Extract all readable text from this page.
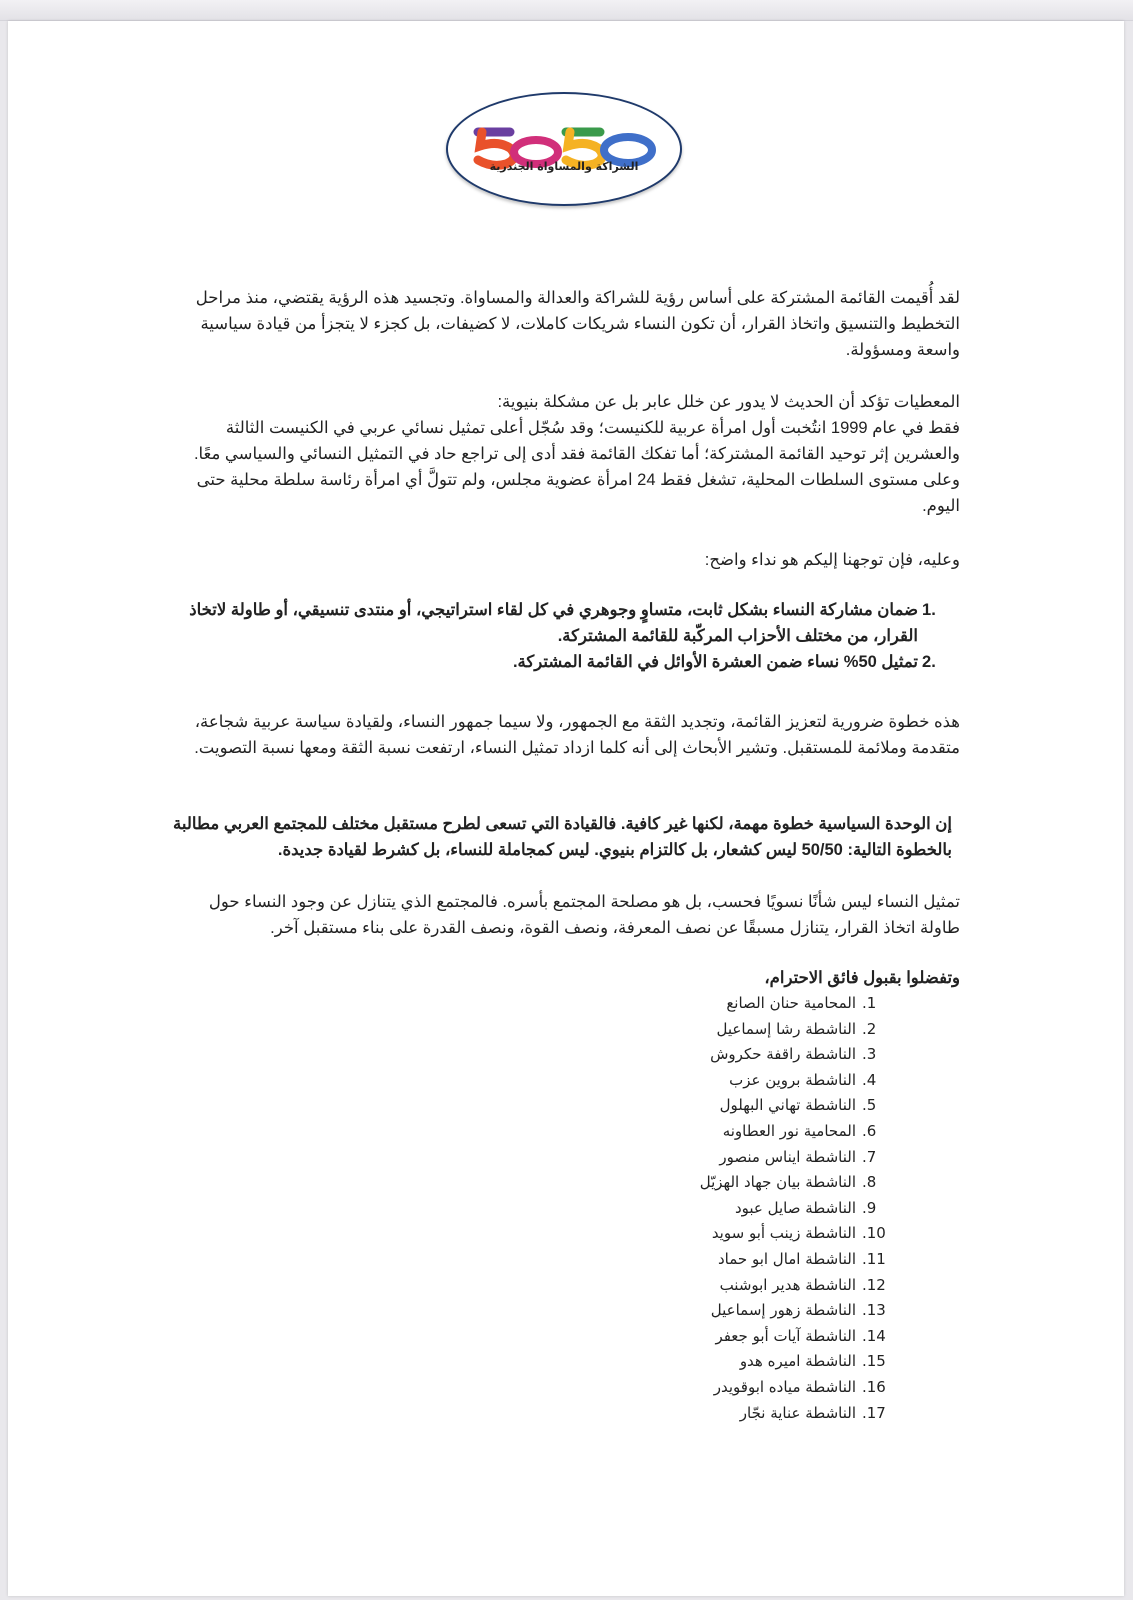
الشراكة والمساواة الجندرية
لقد أُقيمت القائمة المشتركة على أساس رؤية للشراكة والعدالة والمساواة. وتجسيد هذه الرؤية يقتضي، منذ مراحل التخطيط والتنسيق واتخاذ القرار، أن تكون النساء شريكات كاملات، لا كضيفات، بل كجزء لا يتجزأ من قيادة سياسية واسعة ومسؤولة.
المعطيات تؤكد أن الحديث لا يدور عن خلل عابر بل عن مشكلة بنيوية:
فقط في عام 1999 انتُخبت أول امرأة عربية للكنيست؛ وقد سُجّل أعلى تمثيل نسائي عربي في الكنيست الثالثة والعشرين إثر توحيد القائمة المشتركة؛ أما تفكك القائمة فقد أدى إلى تراجع حاد في التمثيل النسائي والسياسي معًا. وعلى مستوى السلطات المحلية، تشغل فقط 24 امرأة عضوية مجلس، ولم تتولَّ أي امرأة رئاسة سلطة محلية حتى اليوم.
وعليه، فإن توجهنا إليكم هو نداء واضح:
.1
ضمان مشاركة النساء بشكل ثابت، متساوٍ وجوهري في كل لقاء استراتيجي، أو منتدى تنسيقي، أو طاولة لاتخاذ القرار، من مختلف الأحزاب المركّبة للقائمة المشتركة.
.2
تمثيل 50% نساء ضمن العشرة الأوائل في القائمة المشتركة.
هذه خطوة ضرورية لتعزيز القائمة، وتجديد الثقة مع الجمهور، ولا سيما جمهور النساء، ولقيادة سياسة عربية شجاعة، متقدمة وملائمة للمستقبل. وتشير الأبحاث إلى أنه كلما ازداد تمثيل النساء، ارتفعت نسبة الثقة ومعها نسبة التصويت.
إن الوحدة السياسية خطوة مهمة، لكنها غير كافية. فالقيادة التي تسعى لطرح مستقبل مختلف للمجتمع العربي مطالبة بالخطوة التالية: 50/50 ليس كشعار، بل كالتزام بنيوي. ليس كمجاملة للنساء، بل كشرط لقيادة جديدة.
تمثيل النساء ليس شأنًا نسويًا فحسب، بل هو مصلحة المجتمع بأسره. فالمجتمع الذي يتنازل عن وجود النساء حول طاولة اتخاذ القرار، يتنازل مسبقًا عن نصف المعرفة، ونصف القوة، ونصف القدرة على بناء مستقبل آخر.
وتفضلوا بقبول فائق الاحترام،
.1
المحامية حنان الصانع
.2
الناشطة رشا إسماعيل
.3
الناشطة راقفة حكروش
.4
الناشطة بروين عزب
.5
الناشطة تهاني البهلول
.6
المحامية نور العطاونه
.7
الناشطة ايناس منصور
.8
الناشطة بيان جهاد الهزيّل
.9
الناشطة صايل عبود
.10
الناشطة زينب أبو سويد
.11
الناشطة امال ابو حماد
.12
الناشطة هدير ابوشنب
.13
الناشطة زهور إسماعيل
.14
الناشطة آيات أبو جعفر
.15
الناشطة اميره هدو
.16
الناشطة مياده ابوقويدر
.17
الناشطة عناية نجّار
